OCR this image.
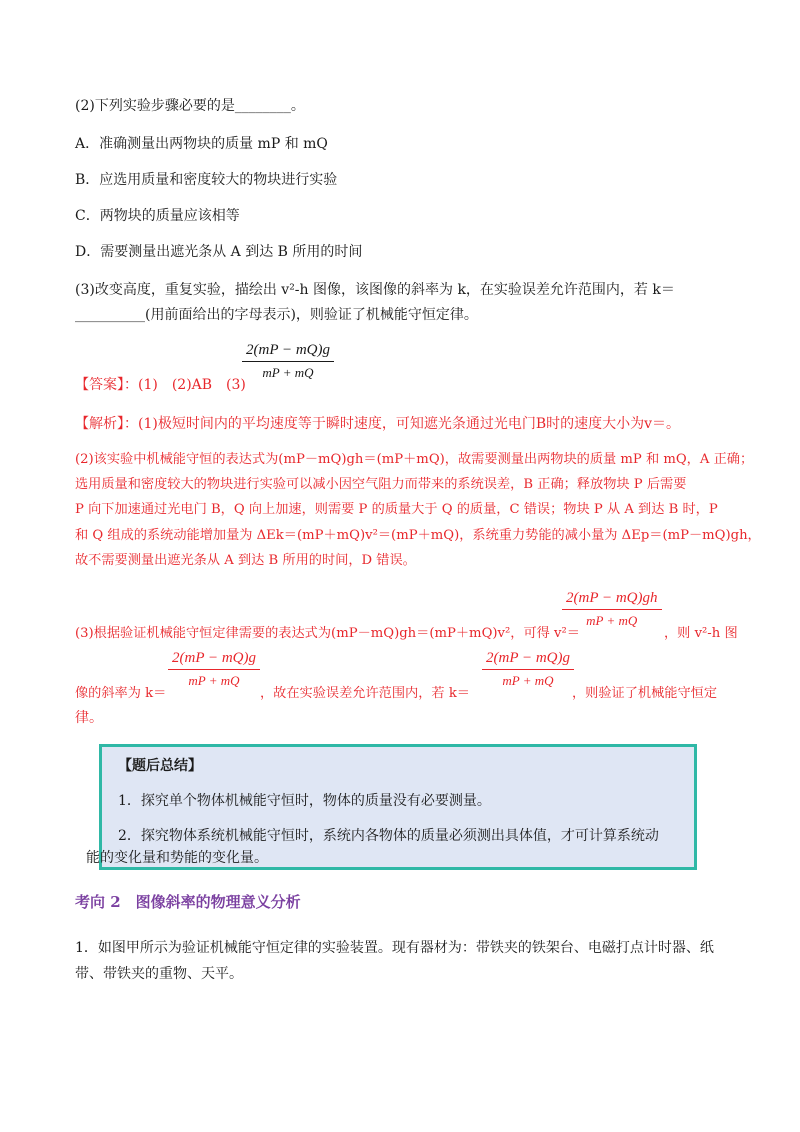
(2)下列实验步骤必要的是________。
A．准确测量出两物块的质量 mP 和 mQ
B．应选用质量和密度较大的物块进行实验
C．两物块的质量应该相等
D．需要测量出遮光条从 A 到达 B 所用的时间
(3)改变高度，重复实验，描绘出 v²-h 图像，该图像的斜率为 k，在实验误差允许范围内，若 k＝
__________(用前面给出的字母表示)，则验证了机械能守恒定律。
2(mP − mQ)g
mP + mQ
【答案】：(1)　(2)AB　(3)
【解析】：(1)极短时间内的平均速度等于瞬时速度，可知遮光条通过光电门B时的速度大小为v＝。
(2)该实验中机械能守恒的表达式为(mP－mQ)gh＝(mP＋mQ)，故需要测量出两物块的质量 mP 和 mQ，A 正确；
选用质量和密度较大的物块进行实验可以减小因空气阻力而带来的系统误差，B 正确；释放物块 P 后需要
P 向下加速通过光电门 B，Q 向上加速，则需要 P 的质量大于 Q 的质量，C 错误；物块 P 从 A 到达 B 时，P
和 Q 组成的系统动能增加量为 ΔEk＝(mP＋mQ)v²＝(mP＋mQ)，系统重力势能的减小量为 ΔEp＝(mP－mQ)gh，
故不需要测量出遮光条从 A 到达 B 所用的时间，D 错误。
2(mP − mQ)gh
mP + mQ
(3)根据验证机械能守恒定律需要的表达式为(mP－mQ)gh＝(mP＋mQ)v²，可得 v²＝	，则 v²-h 图
2(mP − mQ)g
mP + mQ
2(mP − mQ)g
mP + mQ
像的斜率为 k＝	，故在实验误差允许范围内，若 k＝	，则验证了机械能守恒定
律。
【题后总结】
1．探究单个物体机械能守恒时，物体的质量没有必要测量。
2．探究物体系统机械能守恒时，系统内各物体的质量必须测出具体值，才可计算系统动
能的变化量和势能的变化量。
考向 2　图像斜率的物理意义分析
1．如图甲所示为验证机械能守恒定律的实验装置。现有器材为：带铁夹的铁架台、电磁打点计时器、纸
带、带铁夹的重物、天平。
